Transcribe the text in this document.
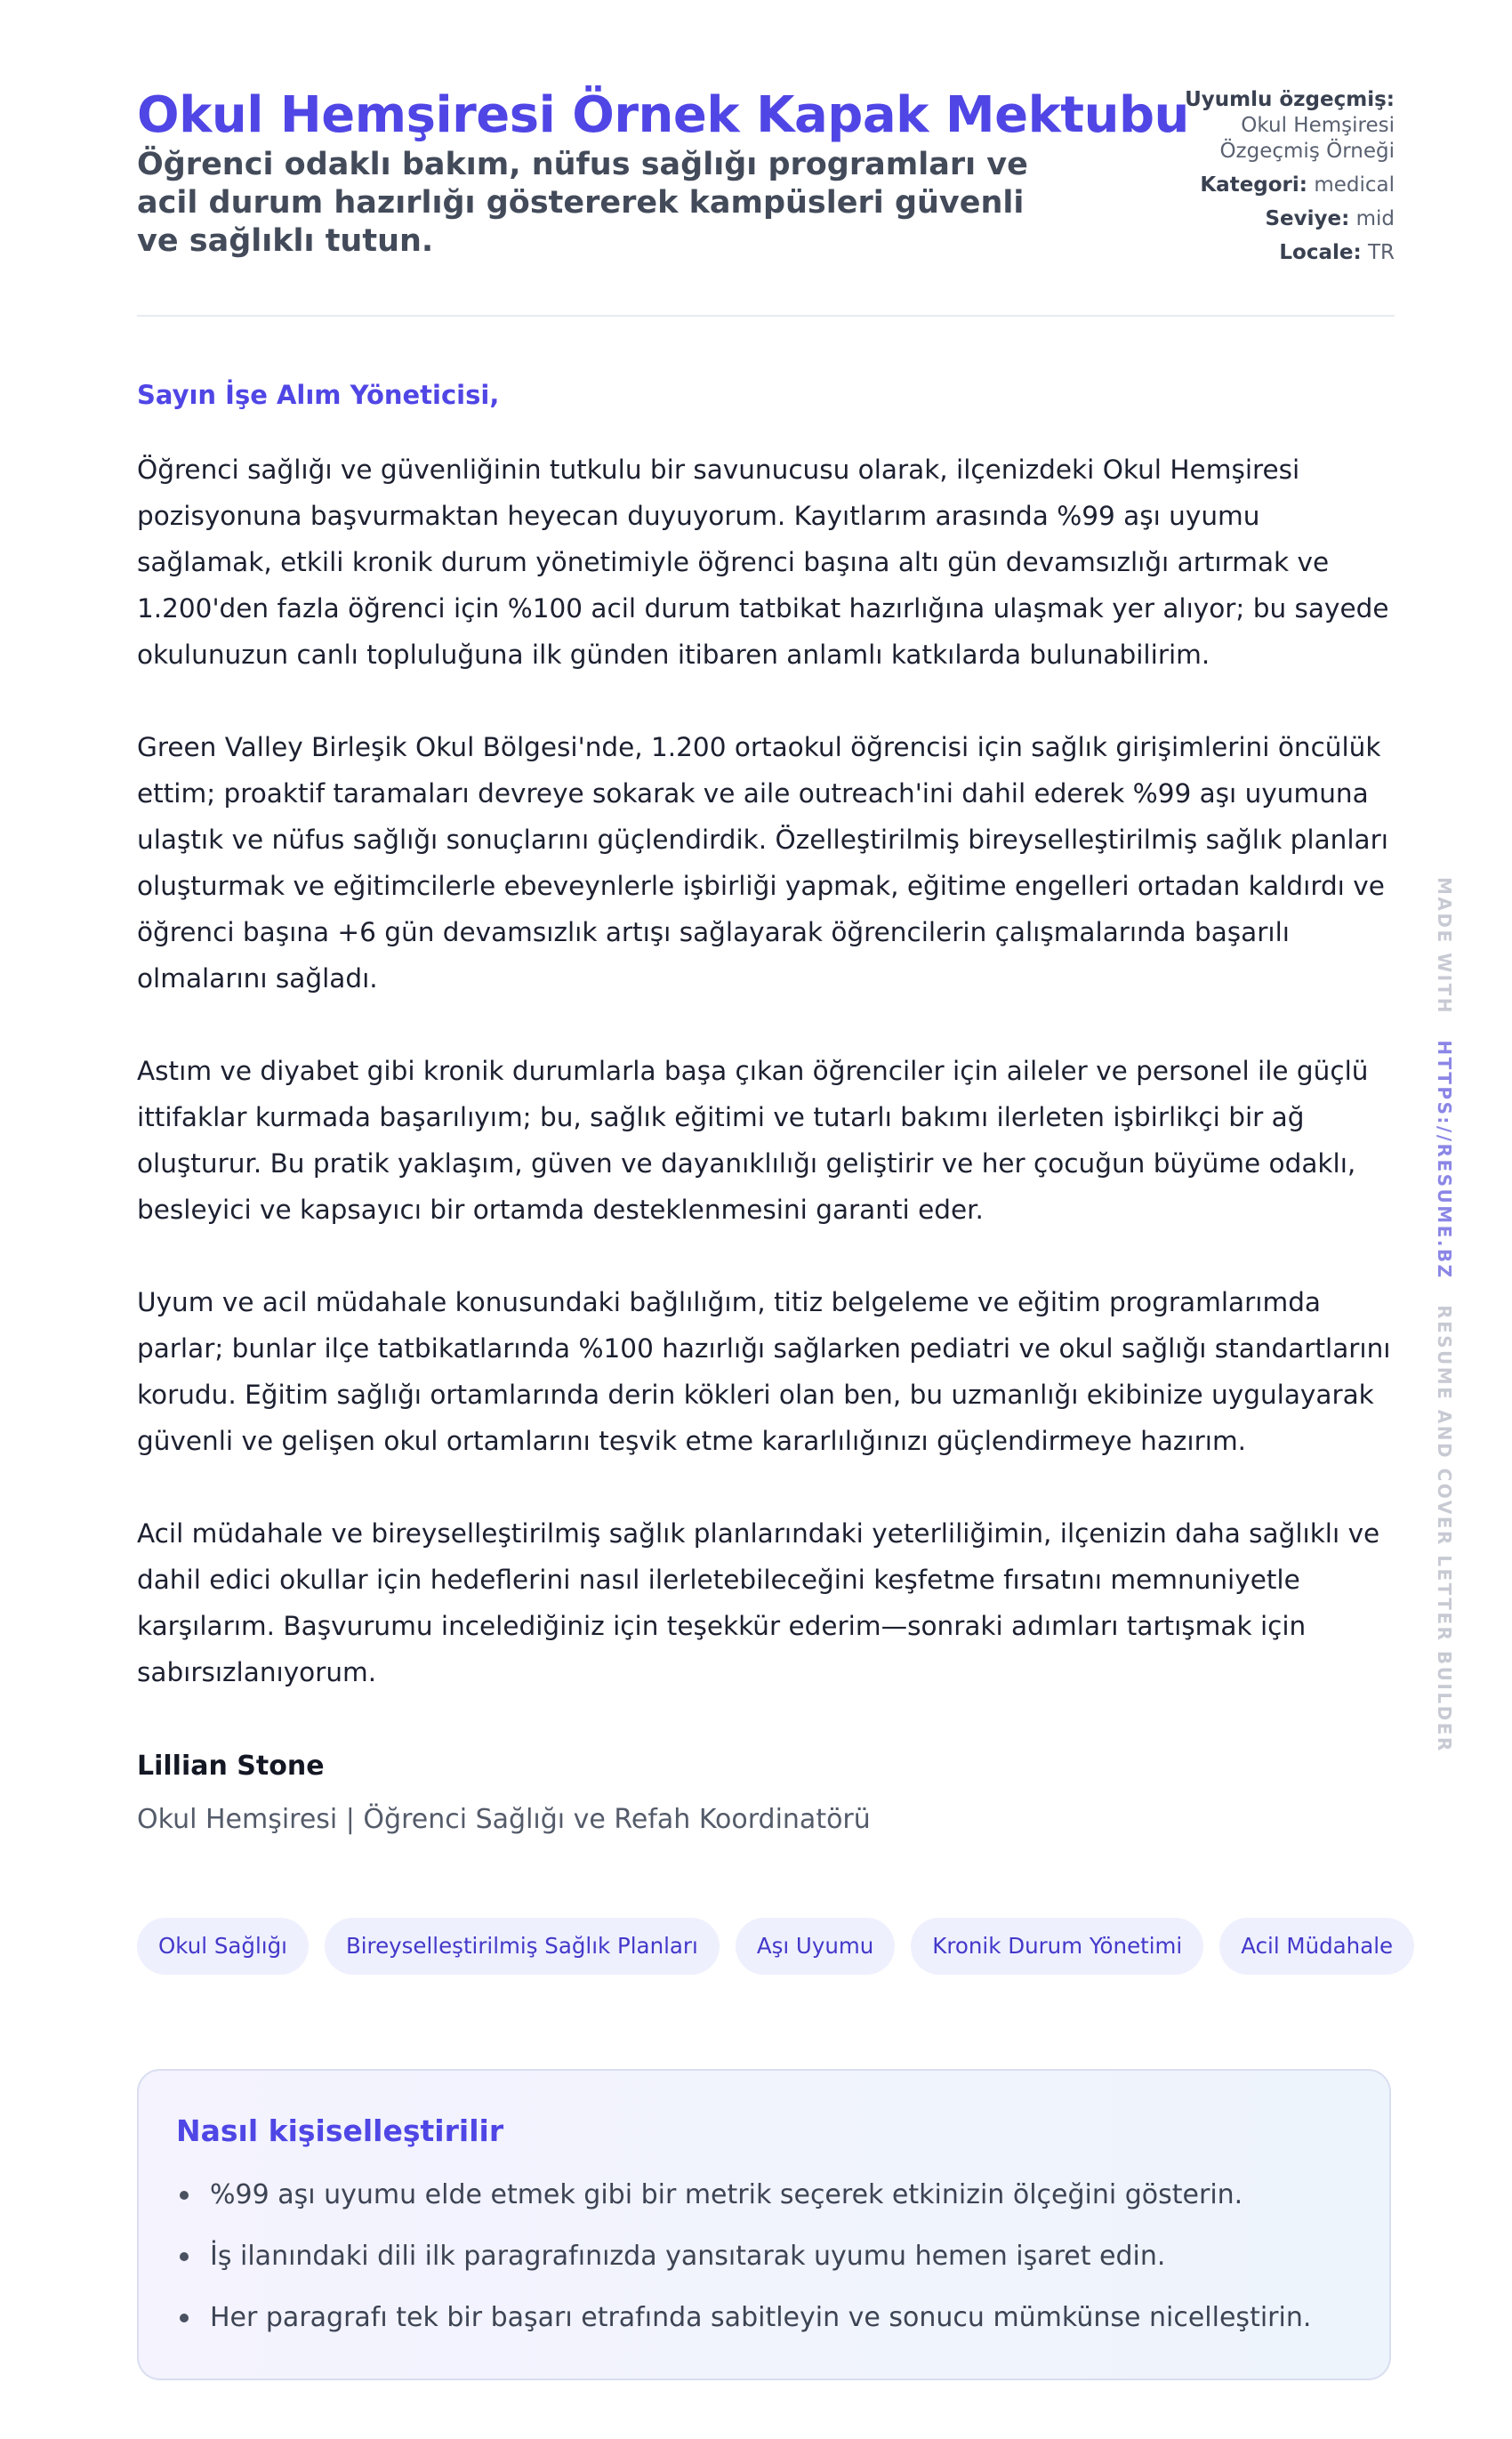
Okul Hemşiresi Örnek Kapak Mektubu

Öğrenci odaklı bakım, nüfus sağlığı programları ve acil durum hazırlığı göstererek kampüsleri güvenli ve sağlıklı tutun.

Uyumlu özgeçmiş: Okul Hemşiresi Özgeçmiş Örneği
Kategori: medical
Seviye: mid
Locale: TR

Sayın İşe Alım Yöneticisi,

Öğrenci sağlığı ve güvenliğinin tutkulu bir savunucusu olarak, ilçenizdeki Okul Hemşiresi pozisyonuna başvurmaktan heyecan duyuyorum. Kayıtlarım arasında %99 aşı uyumu sağlamak, etkili kronik durum yönetimiyle öğrenci başına altı gün devamsızlığı artırmak ve 1.200'den fazla öğrenci için %100 acil durum tatbikat hazırlığına ulaşmak yer alıyor; bu sayede okulunuzun canlı topluluğuna ilk günden itibaren anlamlı katkılarda bulunabilirim.

Green Valley Birleşik Okul Bölgesi'nde, 1.200 ortaokul öğrencisi için sağlık girişimlerini öncülük ettim; proaktif taramaları devreye sokarak ve aile outreach'ini dahil ederek %99 aşı uyumuna ulaştık ve nüfus sağlığı sonuçlarını güçlendirdik. Özelleştirilmiş bireyselleştirilmiş sağlık planları oluşturmak ve eğitimcilerle ebeveynlerle işbirliği yapmak, eğitime engelleri ortadan kaldırdı ve öğrenci başına +6 gün devamsızlık artışı sağlayarak öğrencilerin çalışmalarında başarılı olmalarını sağladı.

Astım ve diyabet gibi kronik durumlarla başa çıkan öğrenciler için aileler ve personel ile güçlü ittifaklar kurmada başarılıyım; bu, sağlık eğitimi ve tutarlı bakımı ilerleten işbirlikçi bir ağ oluşturur. Bu pratik yaklaşım, güven ve dayanıklılığı geliştirir ve her çocuğun büyüme odaklı, besleyici ve kapsayıcı bir ortamda desteklenmesini garanti eder.

Uyum ve acil müdahale konusundaki bağlılığım, titiz belgeleme ve eğitim programlarımda parlar; bunlar ilçe tatbikatlarında %100 hazırlığı sağlarken pediatri ve okul sağlığı standartlarını korudu. Eğitim sağlığı ortamlarında derin kökleri olan ben, bu uzmanlığı ekibinize uygulayarak güvenli ve gelişen okul ortamlarını teşvik etme kararlılığınızı güçlendirmeye hazırım.

Acil müdahale ve bireyselleştirilmiş sağlık planlarındaki yeterliliğimin, ilçenizin daha sağlıklı ve dahil edici okullar için hedeflerini nasıl ilerletebileceğini keşfetme fırsatını memnuniyetle karşılarım. Başvurumu incelediğiniz için teşekkür ederim—sonraki adımları tartışmak için sabırsızlanıyorum.

Lillian Stone

Okul Hemşiresi | Öğrenci Sağlığı ve Refah Koordinatörü

Okul Sağlığı	Bireyselleştirilmiş Sağlık Planları	Aşı Uyumu	Kronik Durum Yönetimi	Acil Müdahale
Nasıl kişiselleştirilir
%99 aşı uyumu elde etmek gibi bir metrik seçerek etkinizin ölçeğini gösterin.
İş ilanındaki dili ilk paragrafınızda yansıtarak uyumu hemen işaret edin.
Her paragrafı tek bir başarı etrafında sabitleyin ve sonucu mümkünse nicelleştirin.
MADE WITH   HTTPS://RESUME.BZ   RESUME AND COVER LETTER BUILDER
